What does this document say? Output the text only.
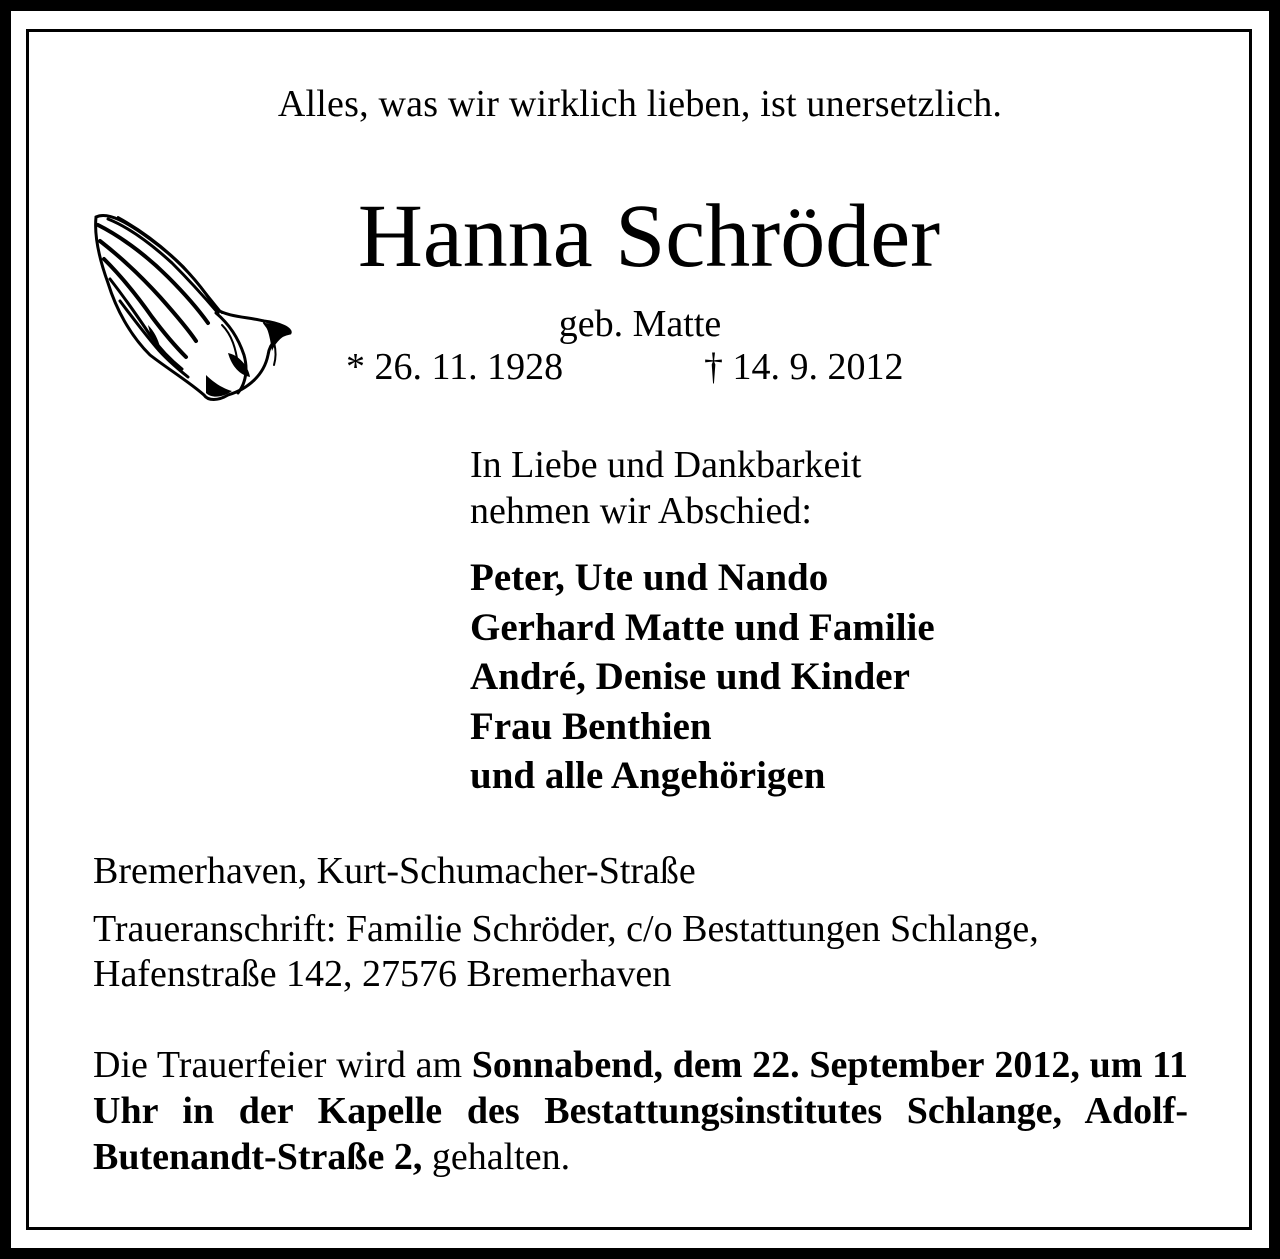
Alles, was wir wirklich lieben, ist unersetzlich.
Hanna Schröder
geb. Matte
* 26. 11. 1928	† 14. 9. 2012
In Liebe und Dankbarkeit
nehmen wir Abschied:
Peter, Ute und Nando
Gerhard Matte und Familie
André, Denise und Kinder
Frau Benthien
und alle Angehörigen
Bremerhaven, Kurt-Schumacher-Straße
Traueranschrift: Familie Schröder, c/o Bestattungen Schlange,
Hafenstraße 142, 27576 Bremerhaven
Die Trauerfeier wird am Sonnabend, dem 22. September 2012, um 11 Uhr in der Kapelle des Bestattungsinstitutes Schlange, Adolf-Butenandt-Straße 2, gehalten.
